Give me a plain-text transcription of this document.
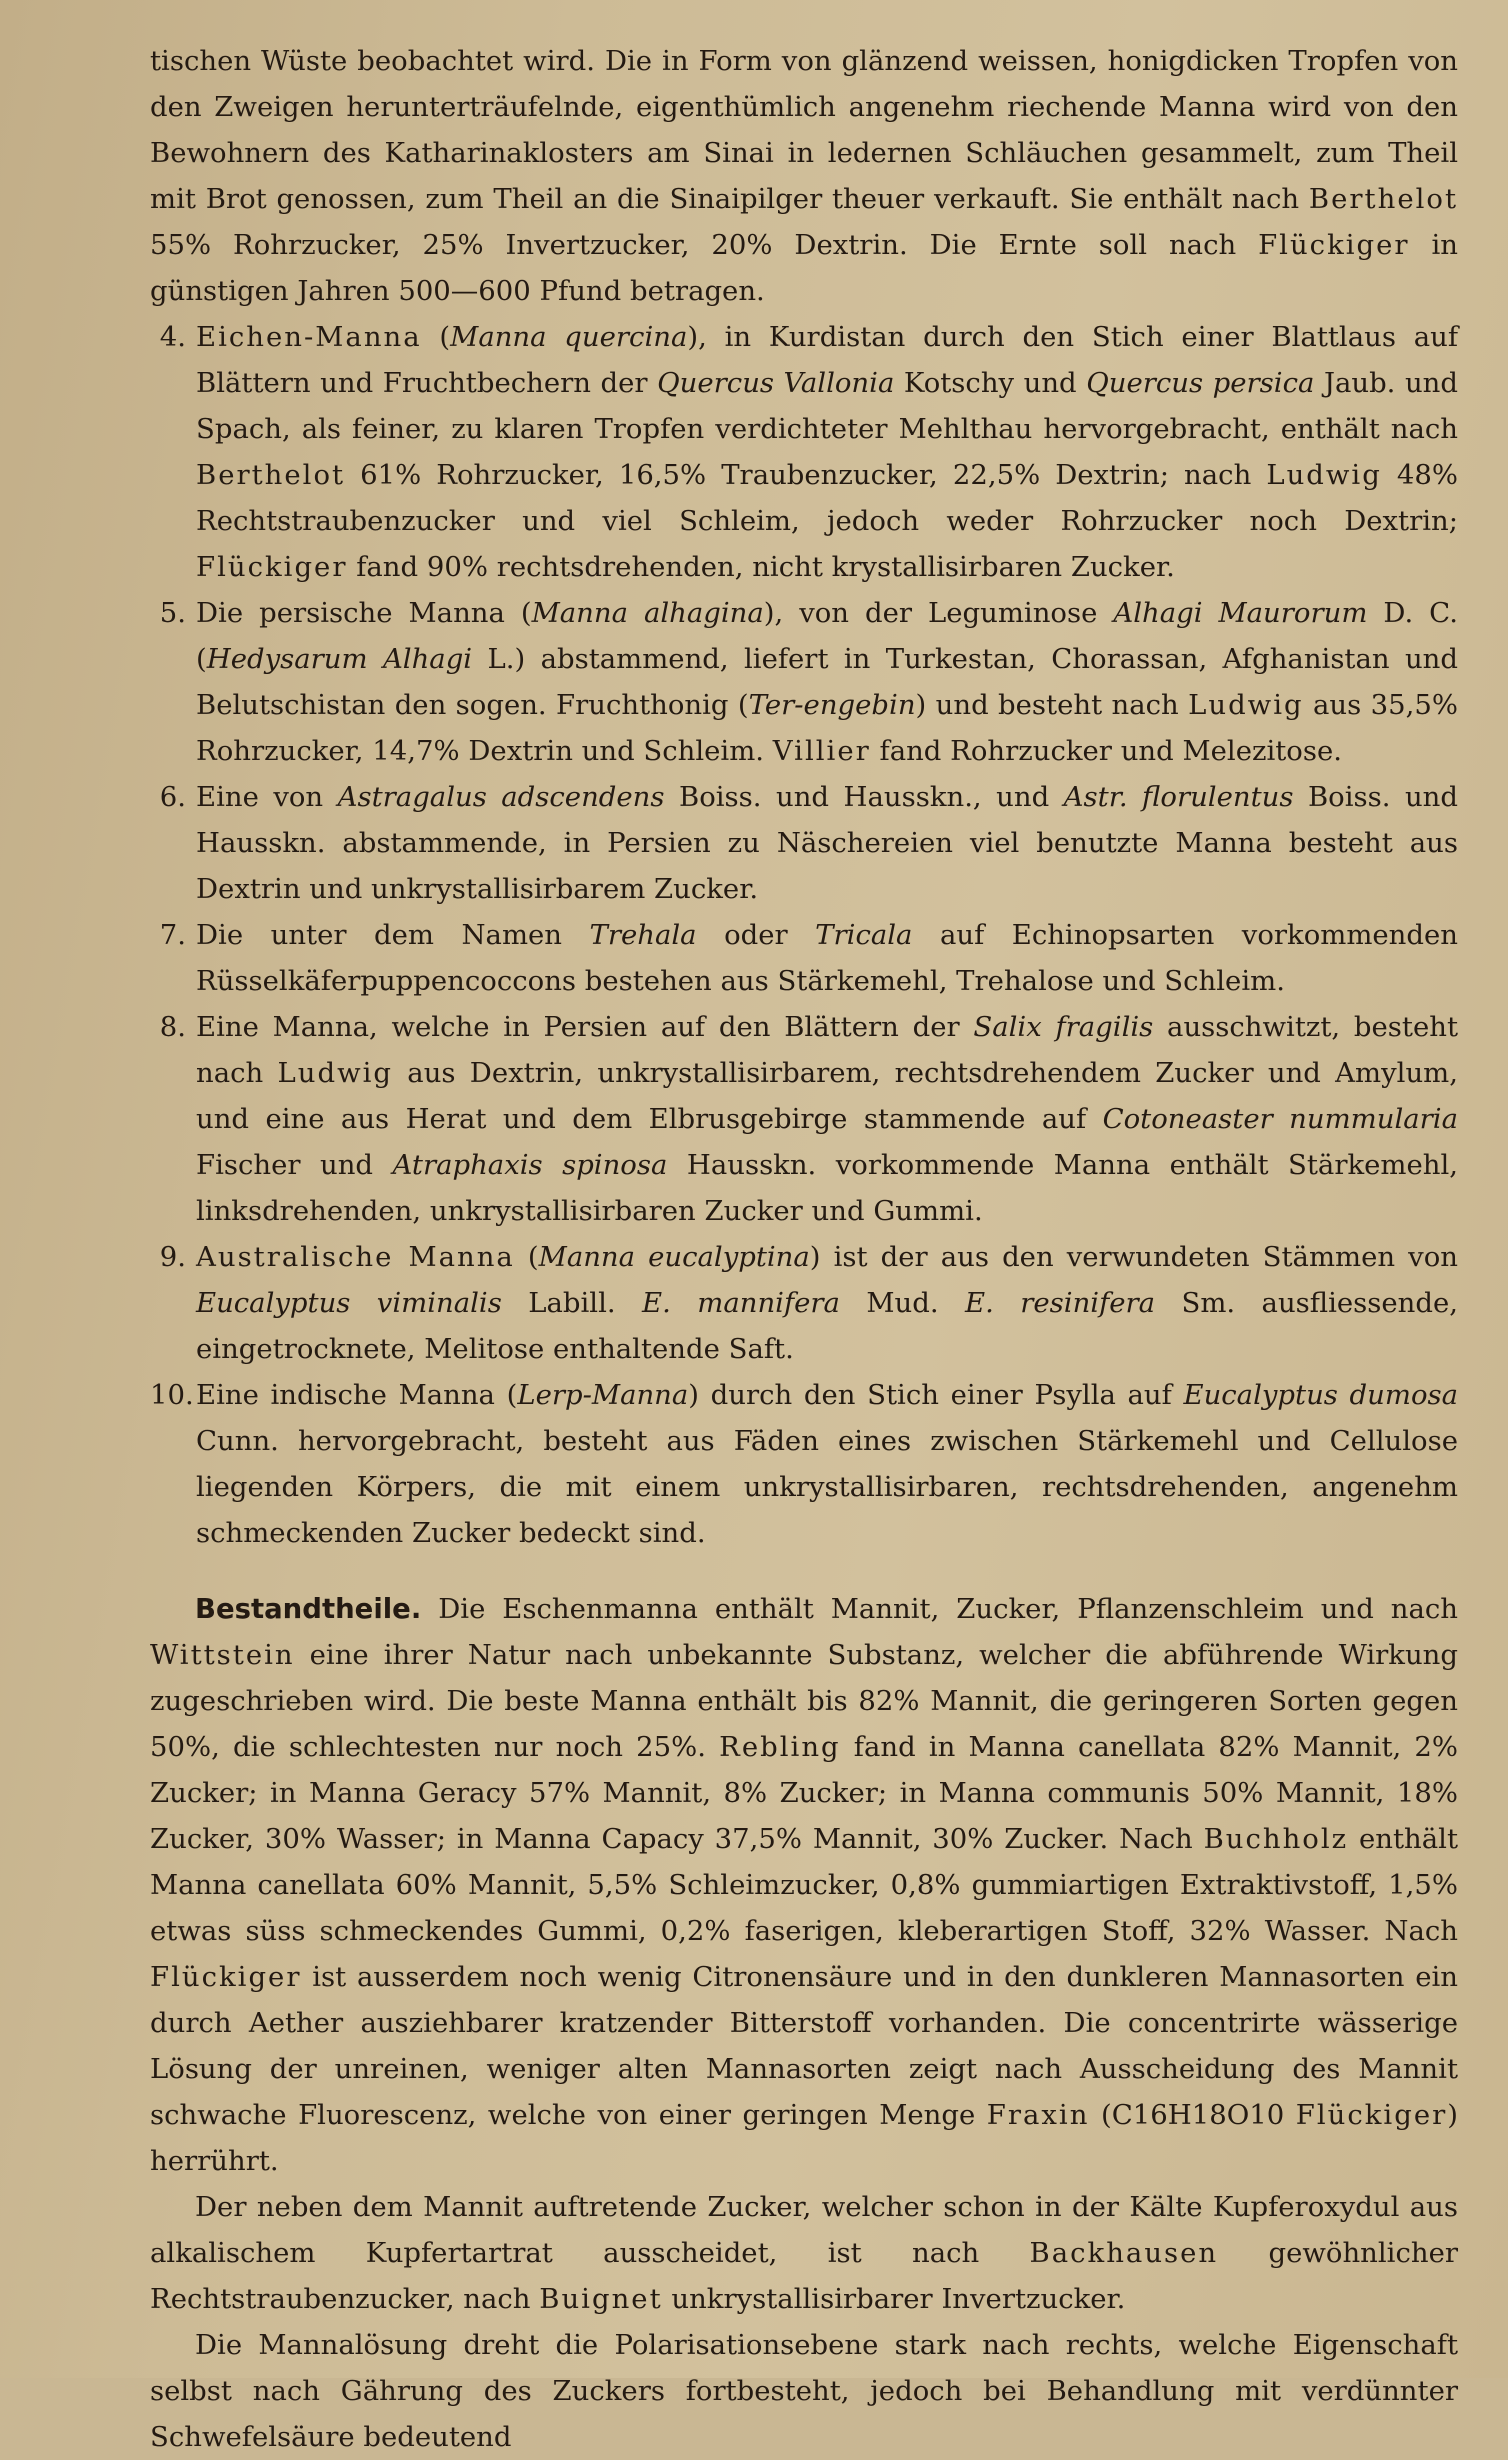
tischen Wüste beobachtet wird. Die in Form von glänzend weissen, honigdicken Tropfen von den Zweigen herunterträufelnde, eigenthümlich angenehm riechende Manna wird von den Bewohnern des Katharinaklosters am Sinai in ledernen Schläuchen gesammelt, zum Theil mit Brot genossen, zum Theil an die Sinaipilger theuer verkauft. Sie enthält nach Berthelot 55% Rohrzucker, 25% Invertzucker, 20% Dextrin. Die Ernte soll nach Flückiger in günstigen Jahren 500—600 Pfund betragen.

4. Eichen-Manna (Manna quercina), in Kurdistan durch den Stich einer Blattlaus auf Blättern und Fruchtbechern der Quercus Vallonia Kotschy und Quercus persica Jaub. und Spach, als feiner, zu klaren Tropfen verdichteter Mehlthau hervorgebracht, enthält nach Berthelot 61% Rohrzucker, 16,5% Traubenzucker, 22,5% Dextrin; nach Ludwig 48% Rechtstraubenzucker und viel Schleim, jedoch weder Rohrzucker noch Dextrin; Flückiger fand 90% rechtsdrehenden, nicht krystallisirbaren Zucker.
5. Die persische Manna (Manna alhagina), von der Leguminose Alhagi Maurorum D. C. (Hedysarum Alhagi L.) abstammend, liefert in Turkestan, Chorassan, Afghanistan und Belutschistan den sogen. Fruchthonig (Ter-engebin) und besteht nach Ludwig aus 35,5% Rohrzucker, 14,7% Dextrin und Schleim. Villier fand Rohrzucker und Melezitose.
6. Eine von Astragalus adscendens Boiss. und Hausskn., und Astr. florulentus Boiss. und Hausskn. abstammende, in Persien zu Näschereien viel benutzte Manna besteht aus Dextrin und unkrystallisirbarem Zucker.
7. Die unter dem Namen Trehala oder Tricala auf Echinopsarten vorkommenden Rüsselkäferpuppencoccons bestehen aus Stärkemehl, Trehalose und Schleim.
8. Eine Manna, welche in Persien auf den Blättern der Salix fragilis ausschwitzt, besteht nach Ludwig aus Dextrin, unkrystallisirbarem, rechtsdrehendem Zucker und Amylum, und eine aus Herat und dem Elbrusgebirge stammende auf Cotoneaster nummularia Fischer und Atraphaxis spinosa Hausskn. vorkommende Manna enthält Stärkemehl, linksdrehenden, unkrystallisirbaren Zucker und Gummi.
9. Australische Manna (Manna eucalyptina) ist der aus den verwundeten Stämmen von Eucalyptus viminalis Labill. E. mannifera Mud. E. resinifera Sm. ausfliessende, eingetrocknete, Melitose enthaltende Saft.
10. Eine indische Manna (Lerp-Manna) durch den Stich einer Psylla auf Eucalyptus dumosa Cunn. hervorgebracht, besteht aus Fäden eines zwischen Stärkemehl und Cellulose liegenden Körpers, die mit einem unkrystallisirbaren, rechtsdrehenden, angenehm schmeckenden Zucker bedeckt sind.

Bestandtheile. Die Eschenmanna enthält Mannit, Zucker, Pflanzenschleim und nach Wittstein eine ihrer Natur nach unbekannte Substanz, welcher die abführende Wirkung zugeschrieben wird. Die beste Manna enthält bis 82% Mannit, die geringeren Sorten gegen 50%, die schlechtesten nur noch 25%. Rebling fand in Manna canellata 82% Mannit, 2% Zucker; in Manna Geracy 57% Mannit, 8% Zucker; in Manna communis 50% Mannit, 18% Zucker, 30% Wasser; in Manna Capacy 37,5% Mannit, 30% Zucker. Nach Buchholz enthält Manna canellata 60% Mannit, 5,5% Schleimzucker, 0,8% gummiartigen Extraktivstoff, 1,5% etwas süss schmeckendes Gummi, 0,2% faserigen, kleberartigen Stoff, 32% Wasser. Nach Flückiger ist ausserdem noch wenig Citronensäure und in den dunkleren Mannasorten ein durch Aether ausziehbarer kratzender Bitterstoff vorhanden. Die concentrirte wässerige Lösung der unreinen, weniger alten Mannasorten zeigt nach Ausscheidung des Mannit schwache Fluorescenz, welche von einer geringen Menge Fraxin (C16H18O10 Flückiger) herrührt.

Der neben dem Mannit auftretende Zucker, welcher schon in der Kälte Kupferoxydul aus alkalischem Kupfertartrat ausscheidet, ist nach Backhausen gewöhnlicher Rechtstraubenzucker, nach Buignet unkrystallisirbarer Invertzucker.

Die Mannalösung dreht die Polarisationsebene stark nach rechts, welche Eigenschaft selbst nach Gährung des Zuckers fortbesteht, jedoch bei Behandlung mit verdünnter Schwefelsäure bedeutend
